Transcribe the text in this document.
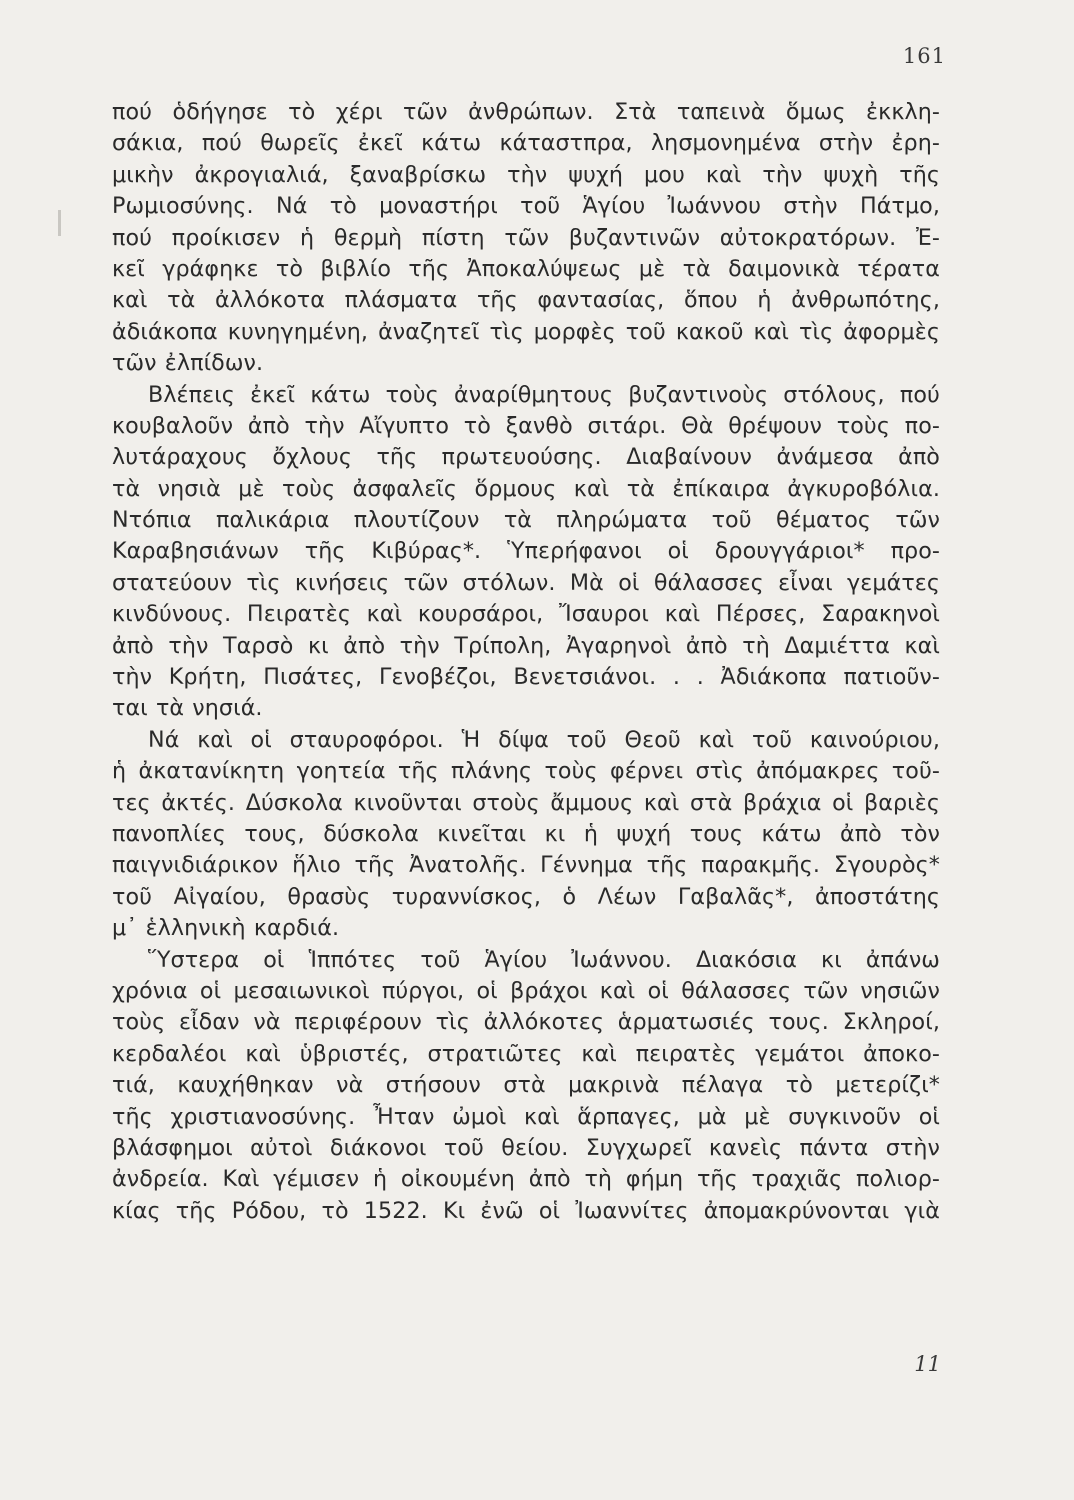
161
πού ὁδήγησε τὸ χέρι τῶν ἀνθρώπων. Στὰ ταπεινὰ ὅμως ἐκκλη-
σάκια, πού θωρεῖς ἐκεῖ κάτω κάταστπρα, λησμονημένα στὴν ἐρη-
μικὴν ἀκρογιαλιά, ξαναβρίσκω τὴν ψυχή μου καὶ τὴν ψυχὴ τῆς
Ρωμιοσύνης. Νά τὸ μοναστήρι τοῦ Ἁγίου Ἰωάννου στὴν Πάτμο,
πού προίκισεν ἡ θερμὴ πίστη τῶν βυζαντινῶν αὐτοκρατόρων. Ἐ-
κεῖ γράφηκε τὸ βιβλίο τῆς Ἀποκαλύψεως μὲ τὰ δαιμονικὰ τέρατα
καὶ τὰ ἀλλόκοτα πλάσματα τῆς φαντασίας, ὅπου ἡ ἀνθρωπότης,
ἀδιάκοπα κυνηγημένη, ἀναζητεῖ τὶς μορφὲς τοῦ κακοῦ καὶ τὶς ἀφορμὲς
τῶν ἐλπίδων.
Βλέπεις ἐκεῖ κάτω τοὺς ἀναρίθμητους βυζαντινοὺς στόλους, πού
κουβαλοῦν ἀπὸ τὴν Αἴγυπτο τὸ ξανθὸ σιτάρι. Θὰ θρέψουν τοὺς πο-
λυτάραχους ὄχλους τῆς πρωτευούσης. Διαβαίνουν ἀνάμεσα ἀπὸ
τὰ νησιὰ μὲ τοὺς ἀσφαλεῖς ὅρμους καὶ τὰ ἐπίκαιρα ἀγκυροβόλια.
Ντόπια παλικάρια πλουτίζουν τὰ πληρώματα τοῦ θέματος τῶν
Καραβησιάνων τῆς Κιβύρας*. Ὑπερήφανοι οἱ δρουγγάριοι* προ-
στατεύουν τὶς κινήσεις τῶν στόλων. Μὰ οἱ θάλασσες εἶναι γεμάτες
κινδύνους. Πειρατὲς καὶ κουρσάροι, Ἴσαυροι καὶ Πέρσες, Σαρακηνοὶ
ἀπὸ τὴν Ταρσὸ κι ἀπὸ τὴν Τρίπολη, Ἀγαρηνοὶ ἀπὸ τὴ Δαμιέττα καὶ
τὴν Κρήτη, Πισάτες, Γενοβέζοι, Βενετσιάνοι. . . Ἀδιάκοπα πατιοῦν-
ται τὰ νησιά.
Νά καὶ οἱ σταυροφόροι. Ἡ δίψα τοῦ Θεοῦ καὶ τοῦ καινούριου,
ἡ ἀκατανίκητη γοητεία τῆς πλάνης τοὺς φέρνει στὶς ἀπόμακρες τοῦ-
τες ἀκτές. Δύσκολα κινοῦνται στοὺς ἄμμους καὶ στὰ βράχια οἱ βαριὲς
πανοπλίες τους, δύσκολα κινεῖται κι ἡ ψυχή τους κάτω ἀπὸ τὸν
παιγνιδιάρικον ἥλιο τῆς Ἀνατολῆς. Γέννημα τῆς παρακμῆς. Σγουρὸς*
τοῦ Αἰγαίου, θρασὺς τυραννίσκος, ὁ Λέων Γαβαλᾶς*, ἀποστάτης
μ᾿ ἑλληνικὴ καρδιά.
Ὕστερα οἱ Ἱππότες τοῦ Ἁγίου Ἰωάννου. Διακόσια κι ἀπάνω
χρόνια οἱ μεσαιωνικοὶ πύργοι, οἱ βράχοι καὶ οἱ θάλασσες τῶν νησιῶν
τοὺς εἶδαν νὰ περιφέρουν τὶς ἀλλόκοτες ἁρματωσιές τους. Σκληροί,
κερδαλέοι καὶ ὑβριστές, στρατιῶτες καὶ πειρατὲς γεμάτοι ἀποκο-
τιά, καυχήθηκαν νὰ στήσουν στὰ μακρινὰ πέλαγα τὸ μετερίζι*
τῆς χριστιανοσύνης. Ἦταν ὠμοὶ καὶ ἅρπαγες, μὰ μὲ συγκινοῦν οἱ
βλάσφημοι αὐτοὶ διάκονοι τοῦ θείου. Συγχωρεῖ κανεὶς πάντα στὴν
ἀνδρεία. Καὶ γέμισεν ἡ οἰκουμένη ἀπὸ τὴ φήμη τῆς τραχιᾶς πολιορ-
κίας τῆς Ρόδου, τὸ 1522. Κι ἐνῶ οἱ Ἰωαννίτες ἀπομακρύνονται γιὰ
11
